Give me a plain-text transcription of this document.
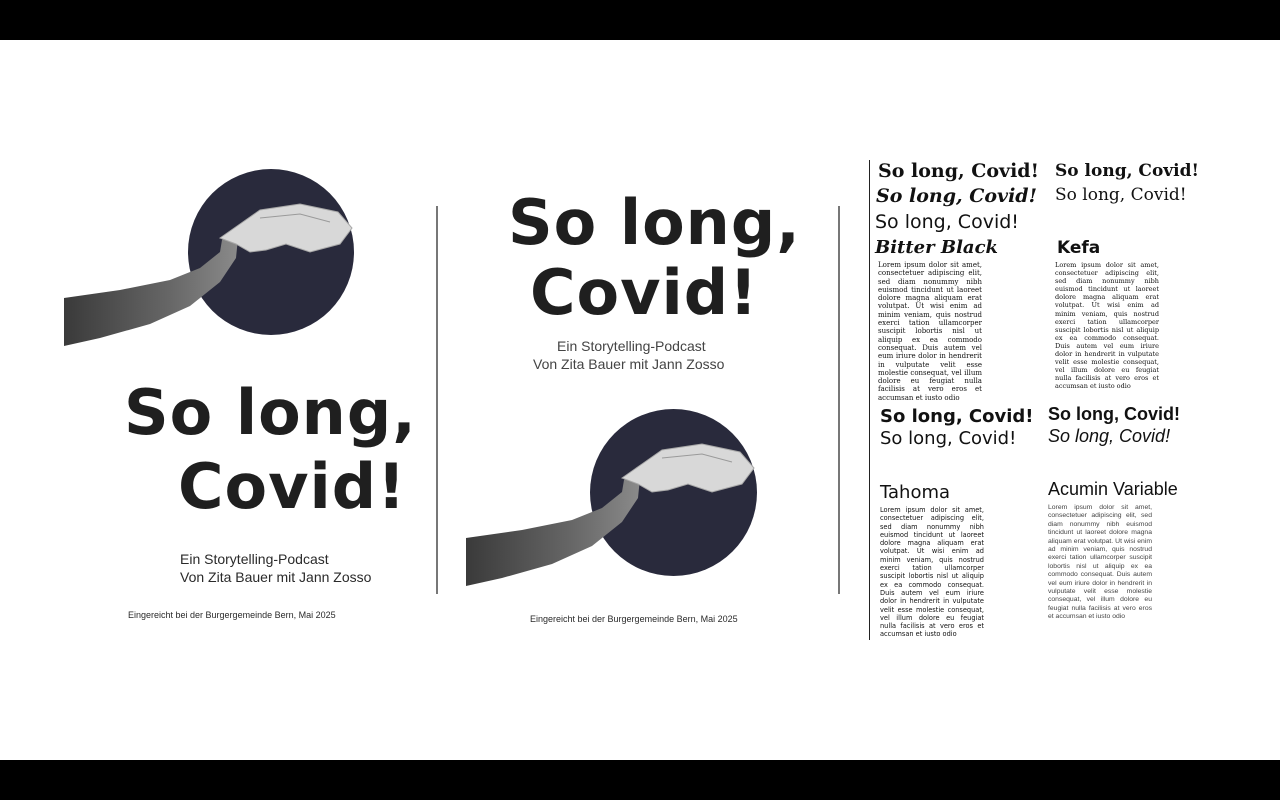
So long,
Covid!
Ein Storytelling-Podcast
Von Zita Bauer mit Jann Zosso
Eingereicht bei der Burgergemeinde Bern, Mai 2025
So long,
Covid!
Ein Storytelling-Podcast
Von Zita Bauer mit Jann Zosso
Eingereicht bei der Burgergemeinde Bern, Mai 2025
So long, Covid!
So long, Covid!
So long, Covid!
Bitter Black
Lorem ipsum dolor sit amet, consectetuer adipiscing elit, sed diam nonummy nibh euismod tincidunt ut laoreet dolore magna aliquam erat volutpat. Ut wisi enim ad minim veniam, quis nostrud exerci tation ullamcorper suscipit lobortis nisl ut aliquip ex ea commodo consequat. Duis autem vel eum iriure dolor in hendrerit in vulputate velit esse molestie consequat, vel illum dolore eu feugiat nulla facilisis at vero eros et accumsan et iusto odio
So long, Covid!
So long, Covid!
Kefa
Lorem ipsum dolor sit amet, consectetuer adipiscing elit, sed diam nonummy nibh euismod tincidunt ut laoreet dolore magna aliquam erat volutpat. Ut wisi enim ad minim veniam, quis nostrud exerci tation ullamcorper suscipit lobortis nisl ut aliquip ex ea commodo consequat. Duis autem vel eum iriure dolor in hendrerit in vulputate velit esse molestie consequat, vel illum dolore eu feugiat nulla facilisis at vero eros et accumsan et iusto odio
So long, Covid!
So long, Covid!
Tahoma
Lorem ipsum dolor sit amet, consectetuer adipiscing elit, sed diam nonummy nibh euismod tincidunt ut laoreet dolore magna aliquam erat volutpat. Ut wisi enim ad minim veniam, quis nostrud exerci tation ullamcorper suscipit lobortis nisl ut aliquip ex ea commodo consequat. Duis autem vel eum iriure dolor in hendrerit in vulputate velit esse molestie consequat, vel illum dolore eu feugiat nulla facilisis at vero eros et accumsan et iusto odio
So long, Covid!
So long, Covid!
Acumin Variable
Lorem ipsum dolor sit amet, consectetuer adipiscing elit, sed diam nonummy nibh euismod tincidunt ut laoreet dolore magna aliquam erat volutpat. Ut wisi enim ad minim veniam, quis nostrud exerci tation ullamcorper suscipit lobortis nisl ut aliquip ex ea commodo consequat. Duis autem vel eum iriure dolor in hendrerit in vulputate velit esse molestie consequat, vel illum dolore eu feugiat nulla facilisis at vero eros et accumsan et iusto odio
